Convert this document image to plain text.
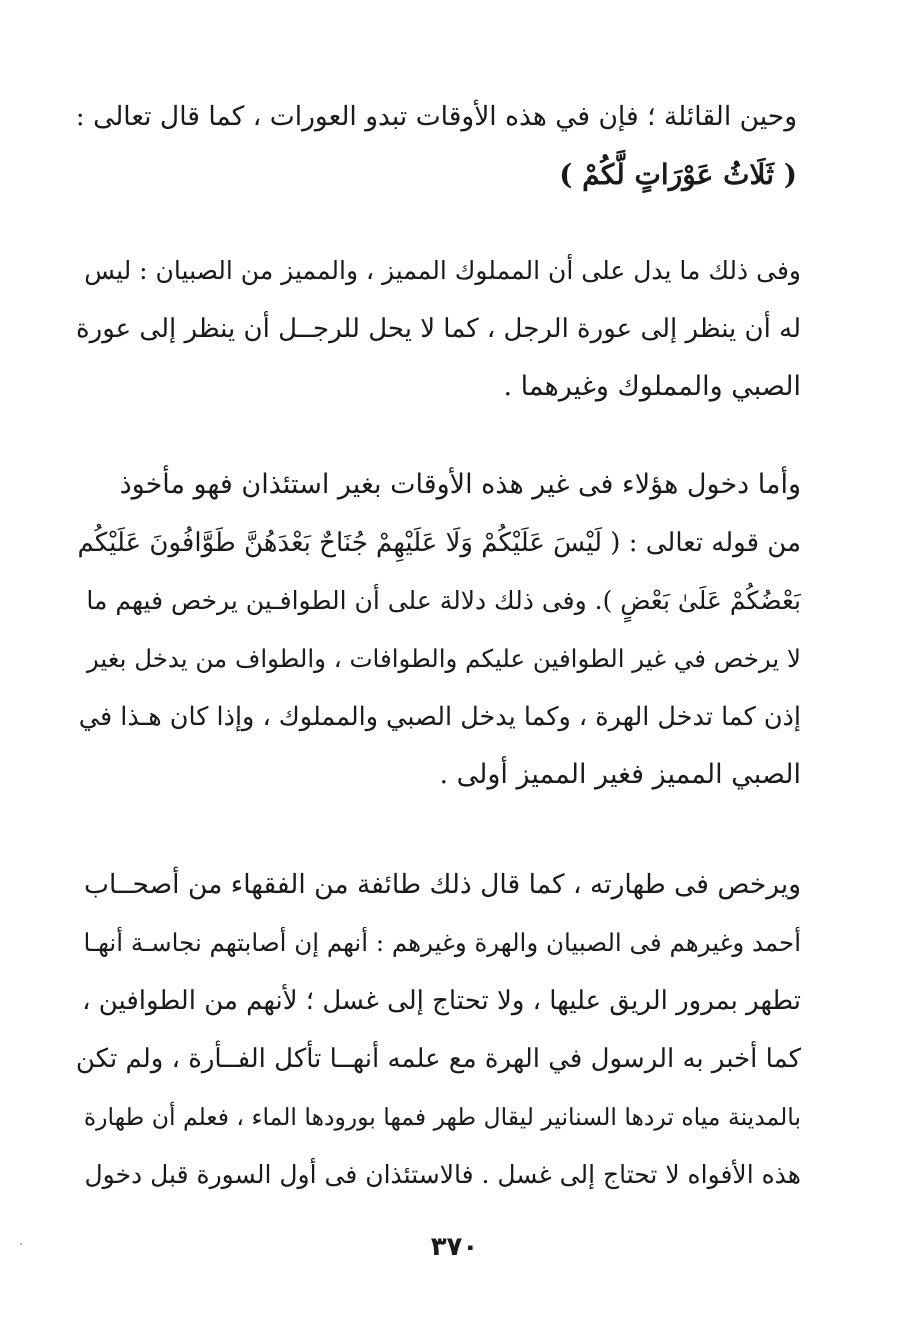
وحين القائلة ؛ فإن في هذه الأوقات تبدو العورات ، كما قال تعالى :
( ثَلَاثُ عَوْرَاتٍ لَّكُمْ )
وفى ذلك ما يدل على أن المملوك المميز ، والمميز من الصبيان : ليس
له أن ينظر إلى عورة الرجل ، كما لا يحل للرجــل أن ينظر إلى عورة
الصبي والمملوك وغيرهما .
وأما دخول هؤلاء فى غير هذه الأوقات بغير استئذان فهو مأخوذ
من قوله تعالى : ( لَيْسَ عَلَيْكُمْ وَلَا عَلَيْهِمْ جُنَاحٌ بَعْدَهُنَّ طَوَّافُونَ عَلَيْكُم
بَعْضُكُمْ عَلَىٰ بَعْضٍ ). وفى ذلك دلالة على أن الطوافـين يرخص فيهم ما
لا يرخص في غير الطوافين عليكم والطوافات ، والطواف من يدخل بغير
إذن كما تدخل الهرة ، وكما يدخل الصبي والمملوك ، وإذا كان هـذا في
الصبي المميز فغير المميز أولى .
ويرخص فى طهارته ، كما قال ذلك طائفة من الفقهاء من أصحــاب
أحمد وغيرهم فى الصبيان والهرة وغيرهم : أنهم إن أصابتهم نجاسـة أنهـا
تطهر بمرور الريق عليها ، ولا تحتاج إلى غسل ؛ لأنهم من الطوافين ،
كما أخبر به الرسول في الهرة مع علمه أنهــا تأكل الفــأرة ، ولم تكن
بالمدينة مياه تردها السنانير ليقال طهر فمها بورودها الماء ، فعلم أن طهارة
هذه الأفواه لا تحتاج إلى غسل . فالاستئذان فى أول السورة قبل دخول
٣٧٠
